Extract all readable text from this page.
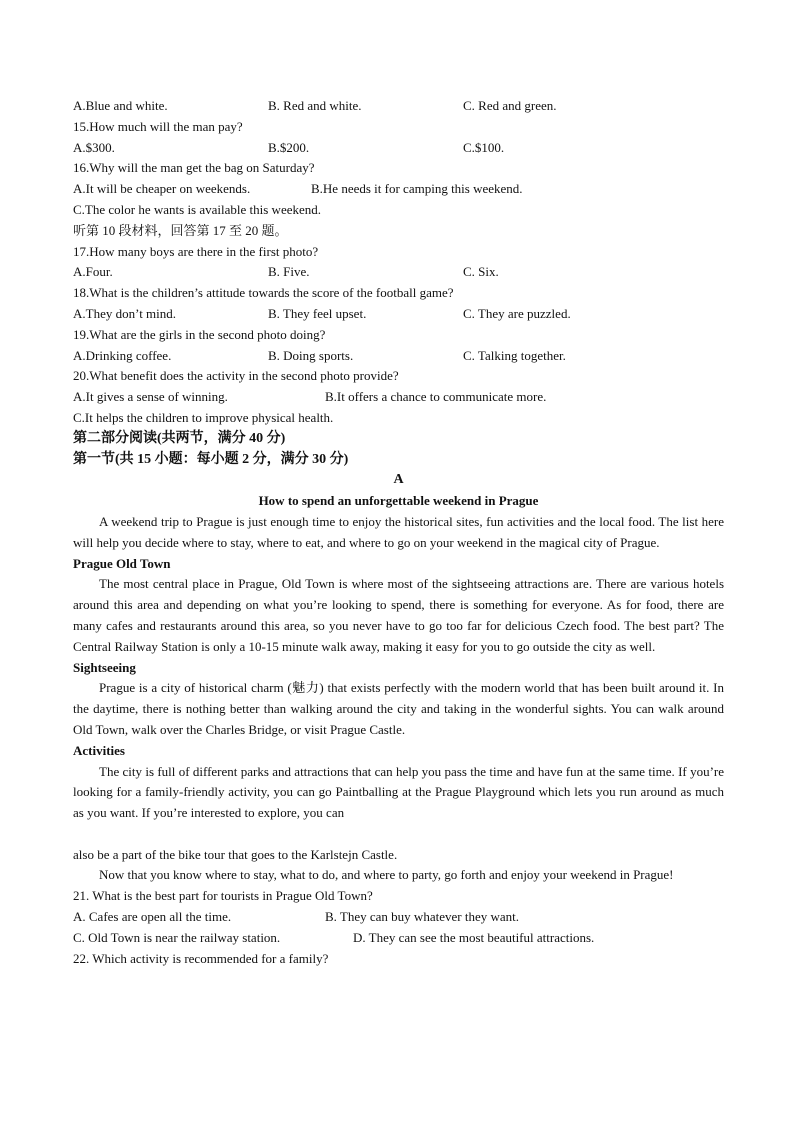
A.Blue and white.	B. Red and white.	C. Red and green.
15.How much will the man pay?
A.$300.	B.$200.	C.$100.
16.Why will the man get the bag on Saturday?
A.It will be cheaper on weekends.	B.He needs it for camping this weekend.
C.The color he wants is available this weekend.
听第 10 段材料，回答第 17 至 20 题。
17.How many boys are there in the first photo?
A.Four.	B. Five.	C. Six.
18.What is the children’s attitude towards the score of the football game?
A.They don’t mind.	B. They feel upset.	C. They are puzzled.
19.What are the girls in the second photo doing?
A.Drinking coffee.	B. Doing sports.	C. Talking together.
20.What benefit does the activity in the second photo provide?
A.It gives a sense of winning.	B.It offers a chance to communicate more.
C.It helps the children to improve physical health.
第二部分阅读(共两节，满分 40 分)
第一节(共 15 小题：每小题 2 分，满分 30 分)
A
How to spend an unforgettable weekend in Prague

A weekend trip to Prague is just enough time to enjoy the historical sites, fun activities and the local food. The list here will help you decide where to stay, where to eat, and where to go on your weekend in the magical city of Prague.

Prague Old Town

The most central place in Prague, Old Town is where most of the sightseeing attractions are. There are various hotels around this area and depending on what you’re looking to spend, there is something for everyone. As for food, there are many cafes and restaurants around this area, so you never have to go too far for delicious Czech food. The best part? The Central Railway Station is only a 10-15 minute walk away, making it easy for you to go outside the city as well.

Sightseeing

Prague is a city of historical charm (魅力) that exists perfectly with the modern world that has been built around it. In the daytime, there is nothing better than walking around the city and taking in the wonderful sights. You can walk around Old Town, walk over the Charles Bridge, or visit Prague Castle.

Activities

The city is full of different parks and attractions that can help you pass the time and have fun at the same time. If you’re looking for a family-friendly activity, you can go Paintballing at the Prague Playground which lets you run around as much as you want. If you’re interested to explore, you can

also be a part of the bike tour that goes to the Karlstejn Castle.

Now that you know where to stay, what to do, and where to party, go forth and enjoy your weekend in Prague!

21. What is the best part for tourists in Prague Old Town?
A. Cafes are open all the time.	B. They can buy whatever they want.
C. Old Town is near the railway station.	D. They can see the most beautiful attractions.
22. Which activity is recommended for a family?
